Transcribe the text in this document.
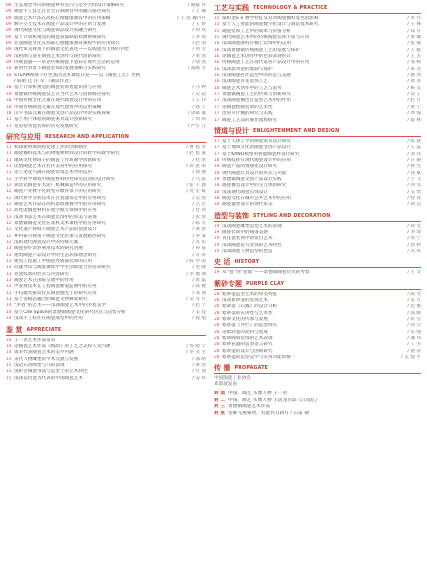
08 生态理念导向的陶瓷材料室内与室外空间设计策略研究	/ 熊媛 丹
09 陶瓷手工技艺在非全日制教育中的融入路径探究	/ 王 娜
09 陶瓷艺术疗法在高校心理健康教育中的应用策略	/ 王 超 魏丹丹
09 数字交互技术在陶瓷产品设计中的应用与发展	/ 王 婷
09 现代陶瓷文化与陶瓷饰品设计的融合研究	/ 何 岚
09 基于计算机视觉的陶瓷表面缺陷检测系统研究	/ 李 瑶
09 非遗陶瓷文化在高职心理健康教育课程中的应用探究	/ 赵 羽
09 现代审美视角下的陶瓷文化表达——以陶瓷为主体的手绘	/ 何 芳
09 浅析陶与瓷在陶瓷艺术创作与现代创新探究	/ 黄 凯
09 传统瓷器——试论传统陶瓷下瓷彩在现代生活的运用	/ 胡 凯
10 新时代背景下陶瓷装饰的发展策略与实践研究	/ 郑晓 芳
10 STEAM视域下红色基因美术课程开发——以《陶瓷工艺》为例
/ 陈娟 佳 汪 军 （通讯作者）
10 基于计算机视觉的陶瓷装饰智能识别与应用	/ 马 婷
10 景德镇传统陶瓷技艺在当代艺术与创新路径探究	/ 吴 超
10 中国传统文化元素在现代陶瓷设计中的应用	/ 王 玲
10 中国传统陶瓷元素在现代建筑中的运用策略	/ 郭 宁
10 汉字书法元素在陶瓷文创产品设计中的实践探索	/ 诸葛 诚
11 基于用户体验的陶瓷茶具设计创新研究	/ 周 琪
11 龙泉窑青瓷装饰的历史发展研究	/ 严小 元
研究与应用 RESEARCH AND APPLICATION
11 初探新时期高校党建工作的创新路径	/ 曹 程 华
11 陶瓷釉料技术与药物缓释材料设计的跨学科教学研究	/ 赵 思 嘉
11 地域文化视域下的陶瓷工作坊教学创新研究	/ 杜 凯
11 民俗陶瓷艺术在社区美育中的应用探究	/ 刘 思 萌
11 论工笔花鸟画在陶瓷装饰艺术中的运用	/ 徐 丽
11 小学科学课程中陶瓷材料特性探究活动的设计研究	/ 马 骁
12 氧化铝陶瓷在水泥厂机械制造中的应用研究	/ 张 宇 涵
12 陶瓷产业数字化转型升级背景下的应用研究	/ 沈 宏 斌
12 现代科学分析技术在古瓷器鉴定中的应用研究	/ 吴 凯
12 陶瓷艺术作品在高校思政课教学中的应用研究	/ 吕 若
12 高性能陶瓷材料在航空航天领域中的应用	/ 付 剑
12 浅谈书法艺术在陶瓷装饰中的审美与表现	/ 张 凯
12 景德镇陶瓷文化在高校美术课程中的应用研究	/ 陈 芳
12 文化遗产视域下陶瓷艺术产品的创意设计	/ 黄 智
12 乡村振兴视角下陶瓷文化传承与发展路径研究	/ 李 成
12 浅析现代陶瓷设计中的传统元素	/ 苏 乐
13 陶瓷窑炉余热利用技术的研究进展	/ 孙 辰
13 建筑陶瓷产品设计中的生态环保理念研究	/ 方 涛
13 建筑工程施工中陶瓷外墙面装饰的应用	/ 陈 中 雨
13 问题导向与陶瓷课程中学生创新能力的培养研究	/ 金 晓
13 青瓷纹饰的形式与内容研究	/ 李 驰 洲
13 陶瓷艺术在国际交流中的作用	/ 黄 磊
13 声发射技术在工程陶瓷断裂监测中的应用	/ 郑 婕
13 手持激光振动仪在陶瓷抛光上的研究应用	/ 邓 翔
13 基于多模态融合的陶瓷文物修复研究	/ 吴 非 凡
14 “矛盾”的艺术——浅谈陶瓷艺术中的矛盾美学	/ 赵 宁
14 基于Cite Space的景德镇陶瓷文化研究热点与趋势分析	/ 吴 滢
14 浅谈手工拉坯在陶瓷成型中的作用	/ 程 旭
鉴 赏 APPRECIATE
14 王一君艺术作品鉴赏
14 论陶瓷艺术作品《梅韵》的工艺之美和人文内涵	/ 汤 晓 宁
14 谈荣代表陶瓷艺术的美学内涵	/ 李 笑 生
15 宋代人物雕塑的学术交流与发展	/ 邵 晴
15 浅论石湾陶塑与马的表现	/ 黄 凯
15 浅析古陶瓷书法与造型上的艺术特色	/ 甘 翔
15 浅谈以钧瓷为代表的中国陶瓷艺术	/ 安 科
工艺与实践 TECHNOLOGY & PRACTICE
15 探析金矿矿物学特征及其对陶瓷釉料发色的影响	/ 李 丹
15 基于人工智能的陶瓷数字化设计与制造技术研究	/ 王 林
15 陶瓷装饰工艺中的成本与价值分析	/ 郑 丹
15 现代陶瓷艺术中的传统陶瓷装饰手法与应用	/ 黄 璐
16 浅谈陶瓷颜料在釉上装饰中的运用	/ 张 敏
16 浅谈景德镇传统陶瓷工艺的发展与保护	/ 王 媛
16 论陶瓷艺术创作中的色彩表现形式	/ 王 杰
16 传统陶瓷工艺在现代家居产品设计中的应用	/ 邹 杨
16 浅谈影青瓷的烧制与保护	/ 朱 杰
16 浅谈陶瓷拉坯造型中的形态与美感	/ 廖 冰
16 浅谈陶瓷青花装饰工艺	/ 黄 涛
16 陶瓷艺术创作中的工艺与思考	/ 杨 昊
17 景德镇陶瓷工艺的传承与创新研究	/ 章 子
17 浅谈陶瓷釉色在造型艺术中的作用	/ 赵 月
17 论陶瓷绘画装饰的艺术性	/ 黄 宁
17 汝窑开片釉的研究与实践	/ 周 海
17 陶瓷工艺品的制作流程研究	/ 蔡 林
情道与设计 ENLIGHTENMENT AND DESIGN
17 基于人体工学的陶瓷茶具设计研究	/ 陈 晨
17 基于地域文化的陶瓷文创产品设计	/ 王 蕊
17 基于KANO模型的智能陶瓷杯设计研究	/ 刘 伟
18 传统纹样在现代陶瓷设计中的应用	/ 许 静
18 陶瓷产品的情感化设计研究	/ 杨 光
18 现代陶瓷灯具设计的形式与功能	/ 钱 斌
18 景德镇陶瓷文创产品设计实践	/ 于 飞
18 陶瓷餐具设计中的交互体验研究	/ 何 雯
18 浅谈现代陶瓷首饰设计	/ 吴 怡
18 陶瓷文化在城市公共艺术中的应用	/ 程 真
18 陶瓷器型设计的现代审美	/ 刘 洁
造型与装饰 STYLING AND DECORATION
19 浅谈陶瓷雕塑造型艺术的表现	/ 孙 文
19 陶瓷装饰中的线条美感	/ 李 琦
19 青花瓷装饰中的留白艺术	/ 周 宁
19 浅谈陶瓷花鸟装饰的艺术特色	/ 郭 婷
19 浅谈陶瓷人物造型的塑造	/ 冯 亮
史 话 HISTORY
19 从“瓷”到“瓷都”——景德镇陶瓷历史的考察	/ 王 文
紫砂专题 PURPLE CLAY
20 紫砂壶造型艺术的审美特征	/ 陈 冬
20 浅谈紫砂壶的装饰艺术	/ 吴 凡
20 紫砂壶《石瓢》的设计分析	/ 范 俊
20 紫砂壶的实用性与艺术性	/ 邵 刚
20 紫砂文化的传承与发展	/ 蒋 雪
20 紫砂壶《井栏》的造型特点	/ 何 立
20 论紫砂壶的泥料与烧成	/ 史 强
20 紫砂陶刻装饰的艺术表现	/ 潘 伟
20 紫砂花器的造型语言研究	/ 丁 杰
20 紫砂壶的设计与创新研究	/ 倪 涛
20 紫砂壶的造型美学与实用功能的统一	/ 吴 建 平
传 播 PROPAGATE
中国陶瓷工业协会
邓韵波发表
封 面 中国、陶艺 头像人物 王一君
封 二 中国、陶艺 头像人物 王清龙作品《江南忆》
封 三 景德镇陶瓷艺术作品
封 底 望眸飞燕蒙幼，有此怀丑执月 / 石苗 敬
